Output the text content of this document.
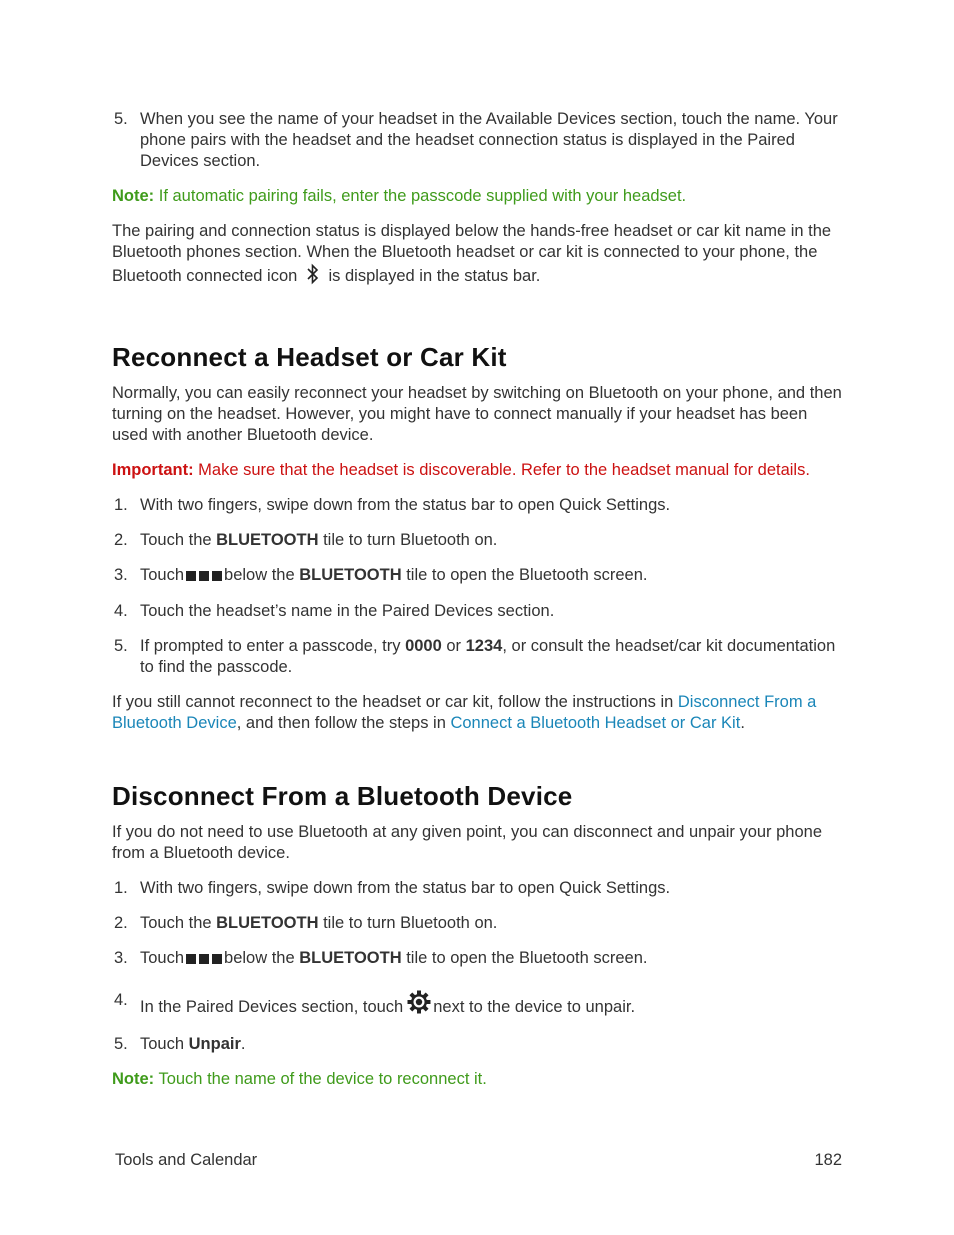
5. When you see the name of your headset in the Available Devices section, touch the name. Your phone pairs with the headset and the headset connection status is displayed in the Paired Devices section.

Note: If automatic pairing fails, enter the passcode supplied with your headset.

The pairing and connection status is displayed below the hands-free headset or car kit name in the Bluetooth phones section. When the Bluetooth headset or car kit is connected to your phone, the Bluetooth connected icon is displayed in the status bar.

Reconnect a Headset or Car Kit

Normally, you can easily reconnect your headset by switching on Bluetooth on your phone, and then turning on the headset. However, you might have to connect manually if your headset has been used with another Bluetooth device.

Important: Make sure that the headset is discoverable. Refer to the headset manual for details.

1. With two fingers, swipe down from the status bar to open Quick Settings.
2. Touch the BLUETOOTH tile to turn Bluetooth on.
3. Touch below the BLUETOOTH tile to open the Bluetooth screen.
4. Touch the headset’s name in the Paired Devices section.
5. If prompted to enter a passcode, try 0000 or 1234, or consult the headset/car kit documentation to find the passcode.

If you still cannot reconnect to the headset or car kit, follow the instructions in Disconnect From a Bluetooth Device, and then follow the steps in Connect a Bluetooth Headset or Car Kit.

Disconnect From a Bluetooth Device

If you do not need to use Bluetooth at any given point, you can disconnect and unpair your phone from a Bluetooth device.

1. With two fingers, swipe down from the status bar to open Quick Settings.
2. Touch the BLUETOOTH tile to turn Bluetooth on.
3. Touch below the BLUETOOTH tile to open the Bluetooth screen.
4. In the Paired Devices section, touch next to the device to unpair.
5. Touch Unpair.

Note: Touch the name of the device to reconnect it.

Tools and Calendar	182
